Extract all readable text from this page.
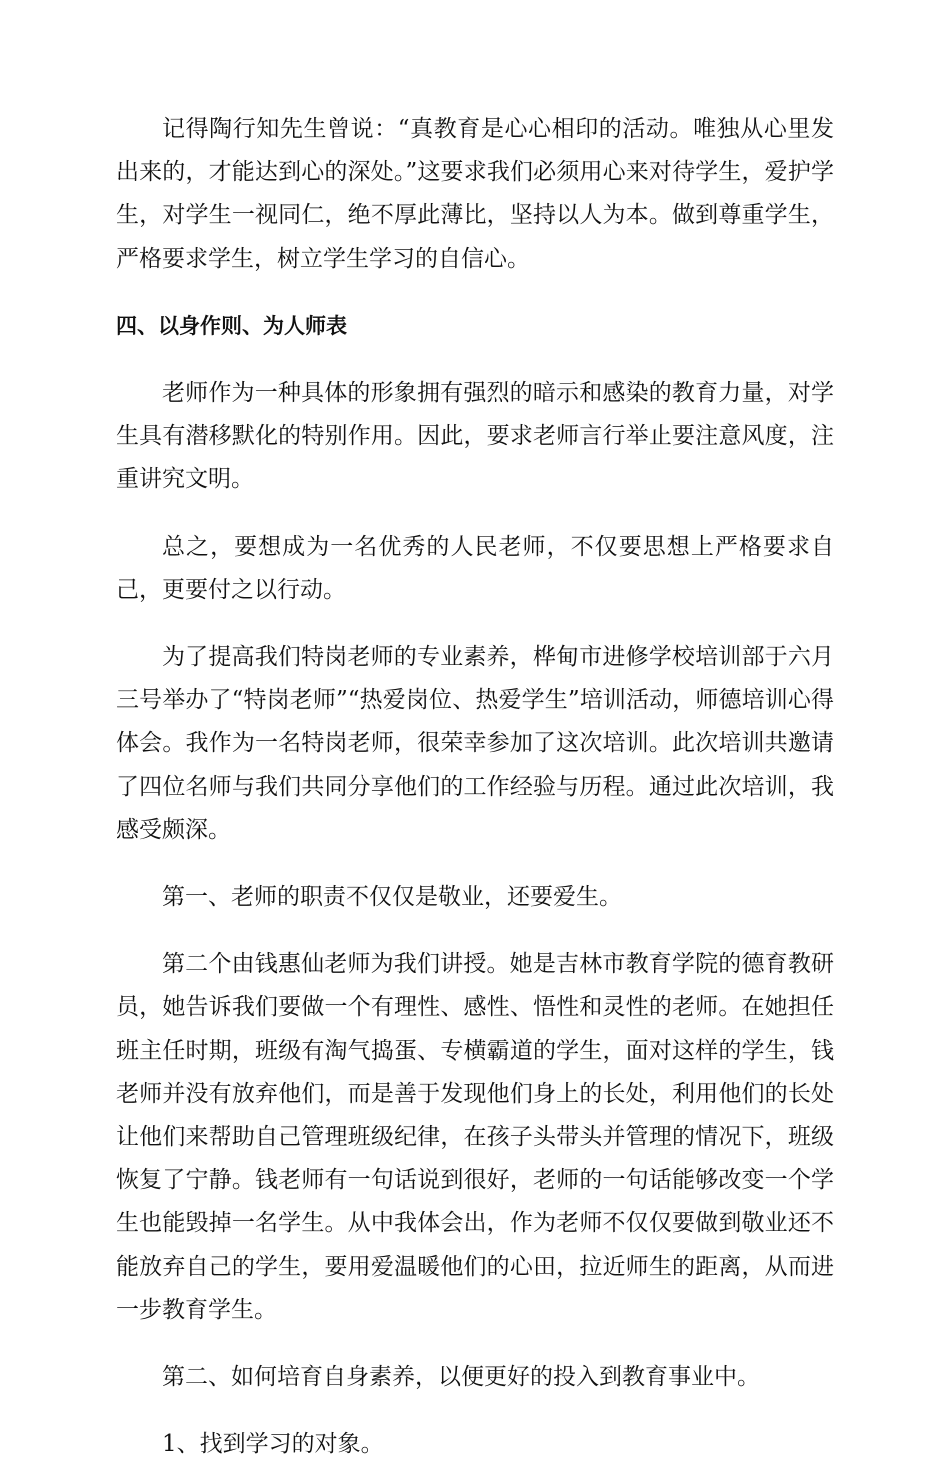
记得陶行知先生曾说：“真教育是心心相印的活动。唯独从心里发出来的，才能达到心的深处。”这要求我们必须用心来对待学生，爱护学生，对学生一视同仁，绝不厚此薄比，坚持以人为本。做到尊重学生，严格要求学生，树立学生学习的自信心。

四、以身作则、为人师表

老师作为一种具体的形象拥有强烈的暗示和感染的教育力量，对学生具有潜移默化的特别作用。因此，要求老师言行举止要注意风度，注重讲究文明。

总之，要想成为一名优秀的人民老师，不仅要思想上严格要求自己，更要付之以行动。

为了提高我们特岗老师的专业素养，桦甸市进修学校培训部于六月三号举办了“特岗老师”“热爱岗位、热爱学生”培训活动，师德培训心得体会。我作为一名特岗老师，很荣幸参加了这次培训。此次培训共邀请了四位名师与我们共同分享他们的工作经验与历程。通过此次培训，我感受颇深。

第一、老师的职责不仅仅是敬业，还要爱生。

第二个由钱惠仙老师为我们讲授。她是吉林市教育学院的德育教研员，她告诉我们要做一个有理性、感性、悟性和灵性的老师。在她担任班主任时期，班级有淘气捣蛋、专横霸道的学生，面对这样的学生，钱老师并没有放弃他们，而是善于发现他们身上的长处，利用他们的长处让他们来帮助自己管理班级纪律，在孩子头带头并管理的情况下，班级恢复了宁静。钱老师有一句话说到很好，老师的一句话能够改变一个学生也能毁掉一名学生。从中我体会出，作为老师不仅仅要做到敬业还不能放弃自己的学生，要用爱温暖他们的心田，拉近师生的距离，从而进一步教育学生。

第二、如何培育自身素养，以便更好的投入到教育事业中。

1、找到学习的对象。
